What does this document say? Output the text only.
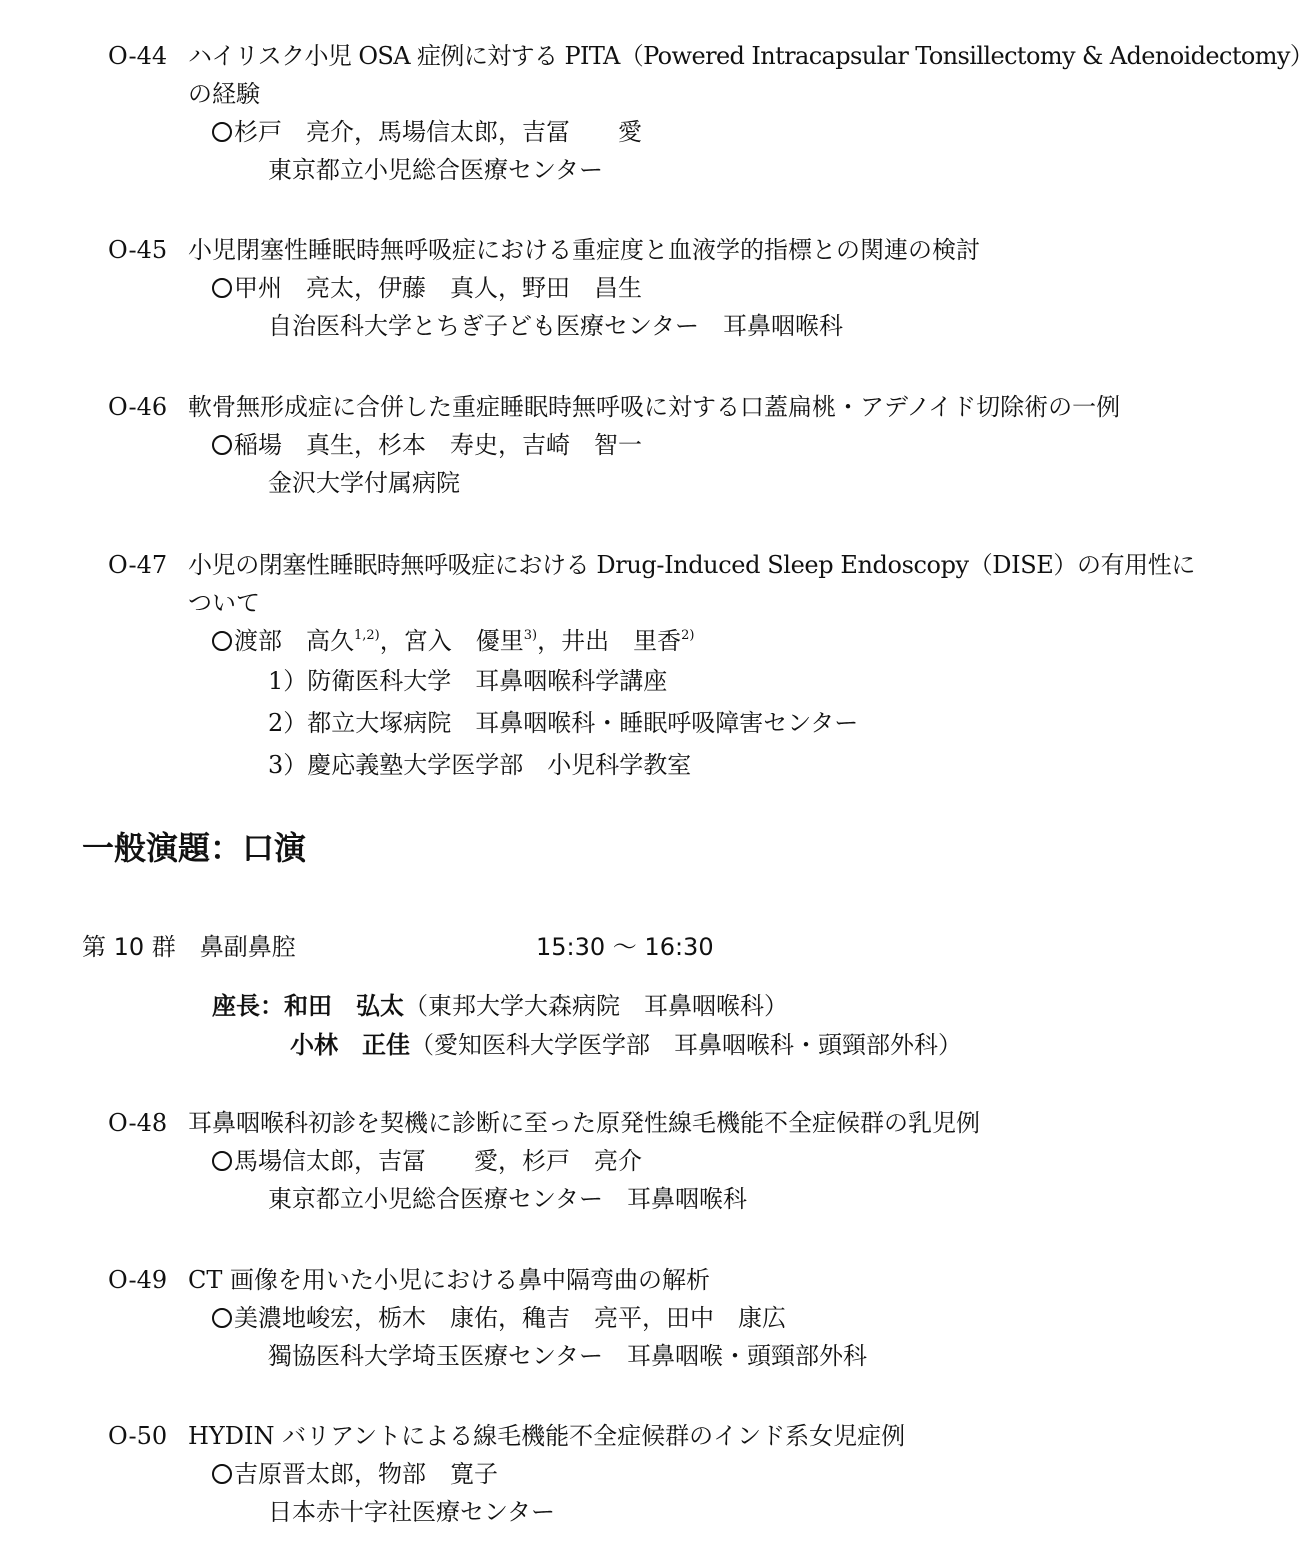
O-44 ハイリスク小児 OSA 症例に対する PITA（Powered Intracapsular Tonsillectomy & Adenoidectomy）
の経験
杉戸　亮介，馬場信太郎，吉冨　　愛
東京都立小児総合医療センター
O-45 小児閉塞性睡眠時無呼吸症における重症度と血液学的指標との関連の検討
甲州　亮太，伊藤　真人，野田　昌生
自治医科大学とちぎ子ども医療センター　耳鼻咽喉科
O-46 軟骨無形成症に合併した重症睡眠時無呼吸に対する口蓋扁桃・アデノイド切除術の一例
稲場　真生，杉本　寿史，吉崎　智一
金沢大学付属病院
O-47 小児の閉塞性睡眠時無呼吸症における Drug-Induced Sleep Endoscopy（DISE）の有用性に
ついて
渡部　高久$^{1,2)}$，宮入　優里$^{3)}$，井出　里香$^{2)}$
1）防衛医科大学　耳鼻咽喉科学講座
2）都立大塚病院　耳鼻咽喉科・睡眠呼吸障害センター
3）慶応義塾大学医学部　小児科学教室
一般演題：口演
第 10 群　鼻副鼻腔	15:30 〜 16:30
座長：和田　弘太（東邦大学大森病院　耳鼻咽喉科）
小林　正佳（愛知医科大学医学部　耳鼻咽喉科・頭頸部外科）
O-48 耳鼻咽喉科初診を契機に診断に至った原発性線毛機能不全症候群の乳児例
馬場信太郎，吉冨　　愛，杉戸　亮介
東京都立小児総合医療センター　耳鼻咽喉科
O-49 CT 画像を用いた小児における鼻中隔弯曲の解析
美濃地峻宏，栃木　康佑，穐吉　亮平，田中　康広
獨協医科大学埼玉医療センター　耳鼻咽喉・頭頸部外科
O-50 HYDIN バリアントによる線毛機能不全症候群のインド系女児症例
吉原晋太郎，物部　寛子
日本赤十字社医療センター
